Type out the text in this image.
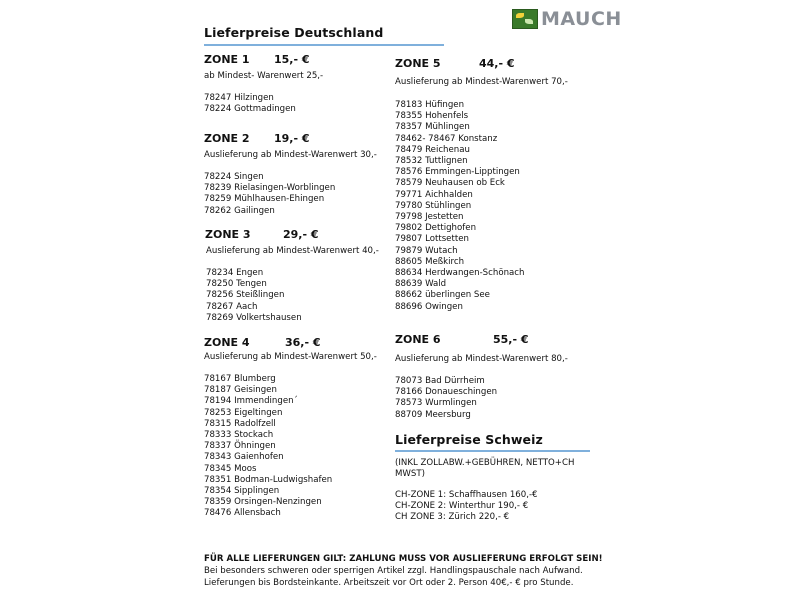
MAUCH
Lieferpreise Deutschland
ZONE 1 15,- €
ab Mindest- Warenwert 25,-
78247 Hilzingen
78224 Gottmadingen
ZONE 2 19,- €
Auslieferung ab Mindest-Warenwert 30,-
78224 Singen
78239 Rielasingen-Worblingen
78259 Mühlhausen-Ehingen
78262 Gailingen
ZONE 3	29,- €
Auslieferung ab Mindest-Warenwert 40,-
78234 Engen
78250 Tengen
78256 Steißlingen
78267 Aach
78269 Volkertshausen
ZONE 4	36,- €
Auslieferung ab Mindest-Warenwert 50,-
78167 Blumberg
78187 Geisingen
78194 Immendingen´
78253 Eigeltingen
78315 Radolfzell
78333 Stockach
78337 Öhningen
78343 Gaienhofen
78345 Moos
78351 Bodman-Ludwigshafen
78354 Sipplingen
78359 Orsingen-Nenzingen
78476 Allensbach
ZONE 5	44,- €
Auslieferung ab Mindest-Warenwert 70,-
78183 Hüfingen
78355 Hohenfels
78357 Mühlingen
78462- 78467 Konstanz
78479 Reichenau
78532 Tuttlignen
78576 Emmingen-Lipptingen
78579 Neuhausen ob Eck
79771 Aichhalden
79780 Stühlingen
79798 Jestetten
79802 Dettighofen
79807 Lottsetten
79879 Wutach
88605 Meßkirch
88634 Herdwangen-Schönach
88639 Wald
88662 überlingen See
88696 Owingen
ZONE 6	55,- €
Auslieferung ab Mindest-Warenwert 80,-
78073 Bad Dürrheim
78166 Donaueschingen
78573 Wurmlingen
88709 Meersburg
Lieferpreise Schweiz
(INKL ZOLLABW.+GEBÜHREN, NETTO+CH
MWST)
CH-ZONE 1: Schaffhausen 160,-€
CH-ZONE 2: Winterthur 190,- €
CH ZONE 3: Zürich 220,- €
FÜR ALLE LIEFERUNGEN GILT: ZAHLUNG MUSS VOR AUSLIEFERUNG ERFOLGT SEIN!
Bei besonders schweren oder sperrigen Artikel zzgl. Handlingspauschale nach Aufwand.
Lieferungen bis Bordsteinkante. Arbeitszeit vor Ort oder 2. Person 40€,- € pro Stunde.
